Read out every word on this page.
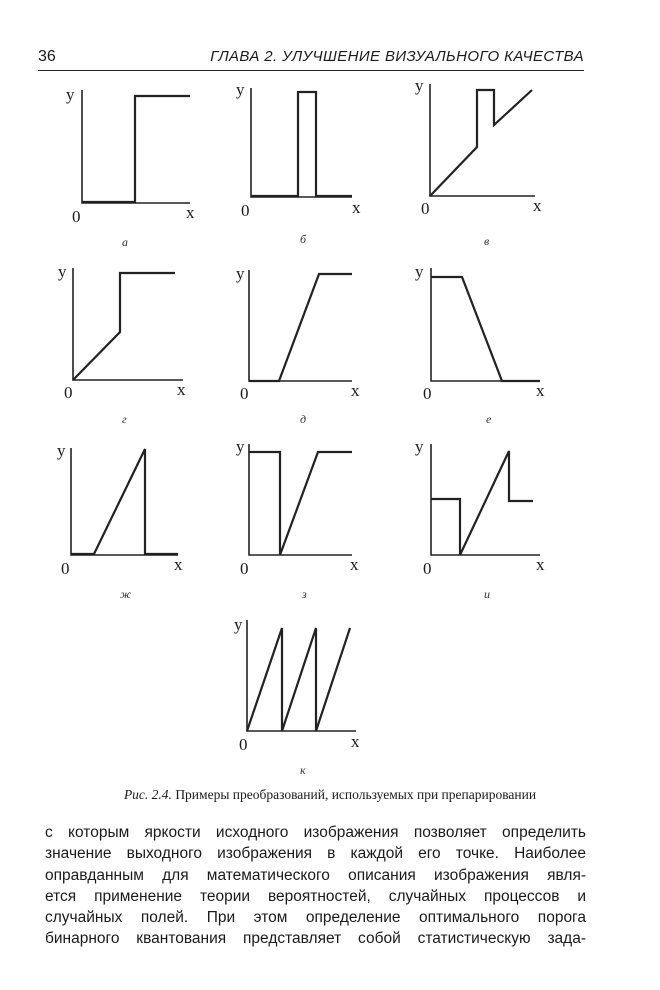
36	ГЛАВА 2. УЛУЧШЕНИЕ ВИЗУАЛЬНОГО КАЧЕСТВА
y
0	x
а
y
0	x
б
y
0	x
в
y
0	x
г
y
0	x
д
y
0	x
е
y
0	x
ж
y
0	x
з
y
0	x
и
y
0	x
к
Рис. 2.4. Примеры преобразований, используемых при препарировании
с которым яркости исходного изображения позволяет определить
значение выходного изображения в каждой его точке. Наиболее
оправданным для математического описания изображения явля-
ется применение теории вероятностей, случайных процессов и
случайных полей. При этом определение оптимального порога
бинарного квантования представляет собой статистическую зада-
